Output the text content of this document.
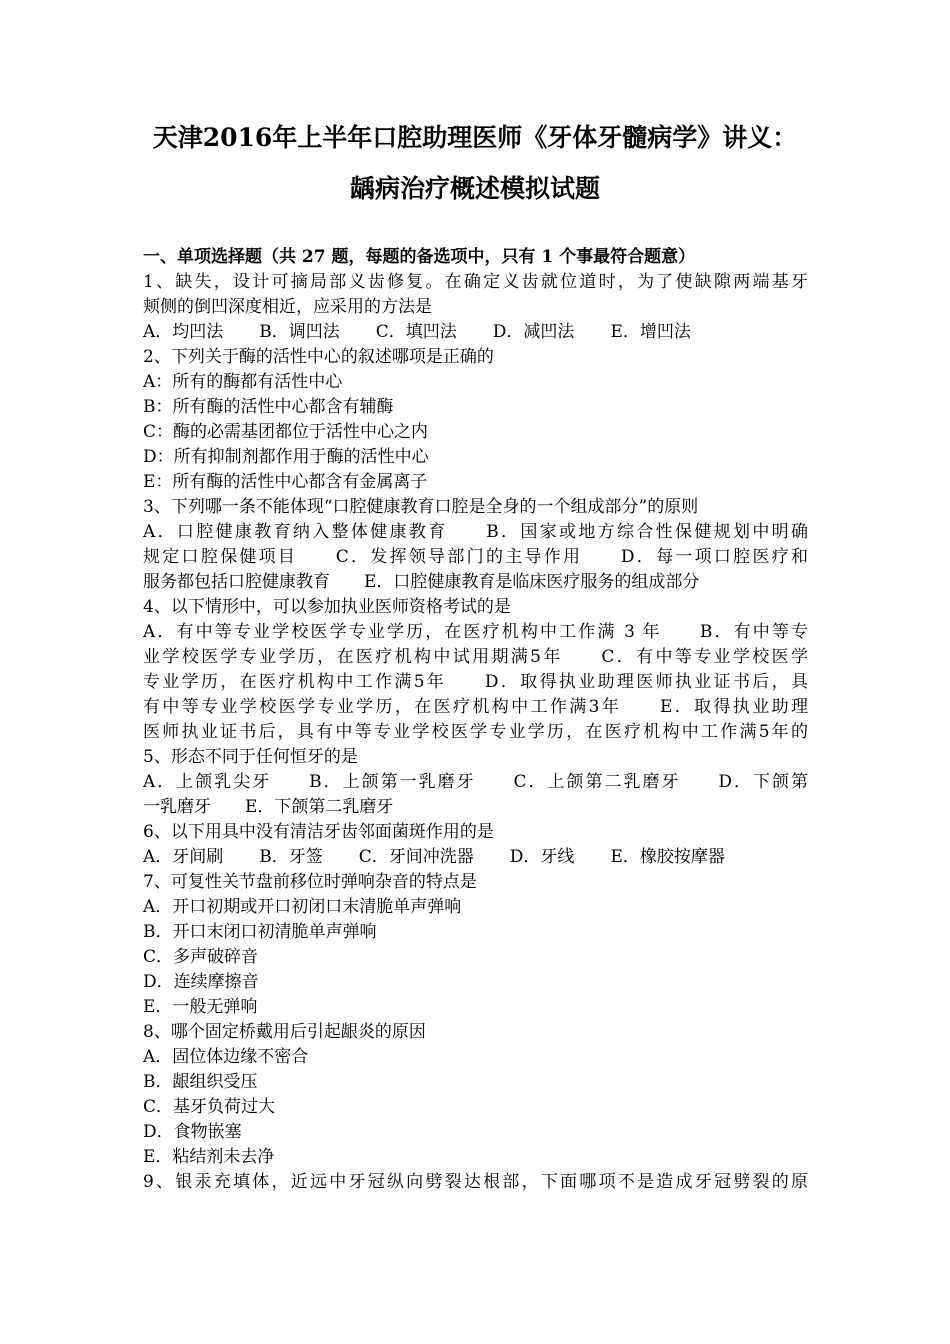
天津2016年上半年口腔助理医师《牙体牙髓病学》讲义：
龋病治疗概述模拟试题
一、单项选择题（共 27 题，每题的备选项中，只有 1 个事最符合题意）
1、缺失，设计可摘局部义齿修复。在确定义齿就位道时，为了使缺隙两端基牙
颊侧的倒凹深度相近，应采用的方法是
A．均凹法 B．调凹法 C．填凹法 D．减凹法 E．增凹法
2、下列关于酶的活性中心的叙述哪项是正确的
A：所有的酶都有活性中心
B：所有酶的活性中心都含有辅酶
C：酶的必需基团都位于活性中心之内
D：所有抑制剂都作用于酶的活性中心
E：所有酶的活性中心都含有金属离子
3、下列哪一条不能体现“口腔健康教育口腔是全身的一个组成部分”的原则
A．口腔健康教育纳入整体健康教育　　B．国家或地方综合性保健规划中明确
规定口腔保健项目　　C．发挥领导部门的主导作用　　D．每一项口腔医疗和
服务都包括口腔健康教育　　E．口腔健康教育是临床医疗服务的组成部分
4、以下情形中，可以参加执业医师资格考试的是
A．有中等专业学校医学专业学历，在医疗机构中工作满 3 年　　B．有中等专
业学校医学专业学历，在医疗机构中试用期满5年　　C．有中等专业学校医学
专业学历，在医疗机构中工作满5年　　D．取得执业助理医师执业证书后，具
有中等专业学校医学专业学历，在医疗机构中工作满3年　　E．取得执业助理
医师执业证书后，具有中等专业学校医学专业学历，在医疗机构中工作满5年的
5、形态不同于任何恒牙的是
A．上颌乳尖牙　　B．上颌第一乳磨牙　　C．上颌第二乳磨牙　　D．下颌第
一乳磨牙　　E．下颌第二乳磨牙
6、以下用具中没有清洁牙齿邻面菌斑作用的是
A．牙间刷 B．牙签 C．牙间冲洗器 D．牙线 E．橡胶按摩器
7、可复性关节盘前移位时弹响杂音的特点是
A．开口初期或开口初闭口末清脆单声弹响
B．开口末闭口初清脆单声弹响
C．多声破碎音
D．连续摩擦音
E．一般无弹响
8、哪个固定桥戴用后引起龈炎的原因
A．固位体边缘不密合
B．龈组织受压
C．基牙负荷过大
D．食物嵌塞
E．粘结剂未去净
9、银汞充填体，近远中牙冠纵向劈裂达根部，下面哪项不是造成牙冠劈裂的原
